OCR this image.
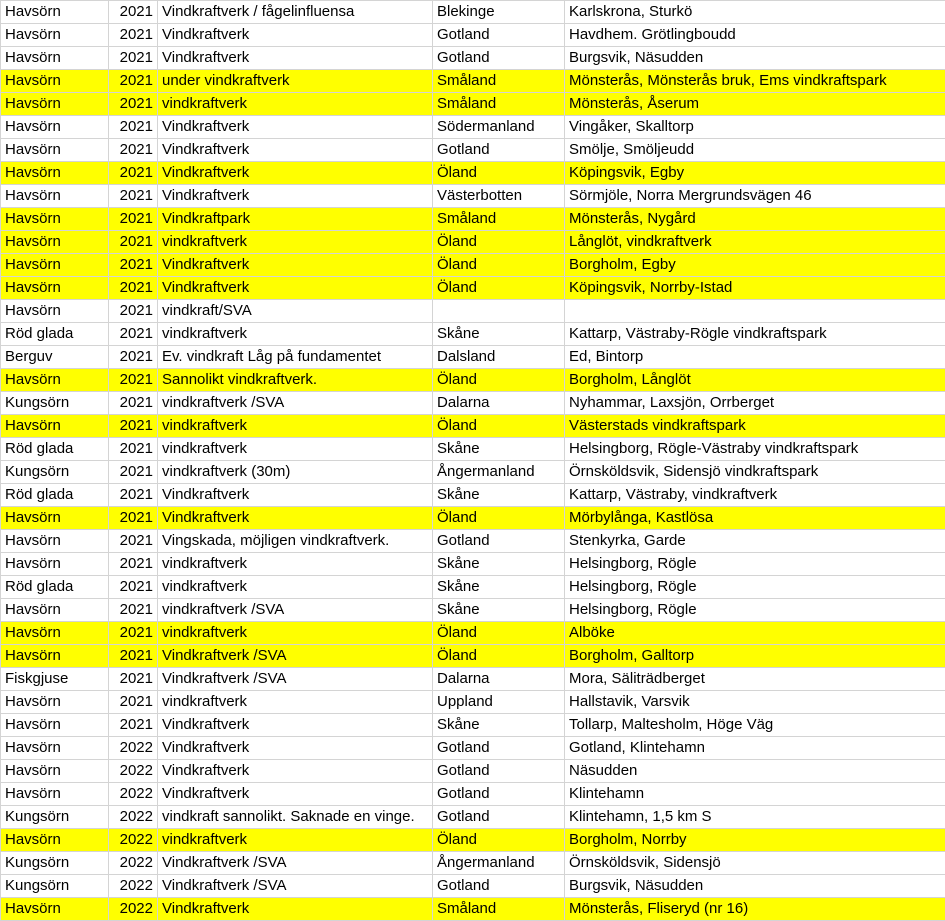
Havsörn	2021	Vindkraftverk / fågelinfluensa	Blekinge	Karlskrona, Sturkö
Havsörn	2021	Vindkraftverk	Gotland	Havdhem. Grötlingboudd
Havsörn	2021	Vindkraftverk	Gotland	Burgsvik, Näsudden
Havsörn	2021	under vindkraftverk	Småland	Mönsterås, Mönsterås bruk, Ems vindkraftspark
Havsörn	2021	vindkraftverk	Småland	Mönsterås, Åserum
Havsörn	2021	Vindkraftverk	Södermanland	Vingåker, Skalltorp
Havsörn	2021	Vindkraftverk	Gotland	Smölje, Smöljeudd
Havsörn	2021	Vindkraftverk	Öland	Köpingsvik, Egby
Havsörn	2021	Vindkraftverk	Västerbotten	Sörmjöle, Norra Mergrundsvägen 46
Havsörn	2021	Vindkraftpark	Småland	Mönsterås, Nygård
Havsörn	2021	vindkraftverk	Öland	Långlöt, vindkraftverk
Havsörn	2021	Vindkraftverk	Öland	Borgholm, Egby
Havsörn	2021	Vindkraftverk	Öland	Köpingsvik, Norrby-Istad
Havsörn	2021	vindkraft/SVA		
Röd glada	2021	vindkraftverk	Skåne	Kattarp, Västraby-Rögle vindkraftspark
Berguv	2021	Ev. vindkraft Låg på fundamentet	Dalsland	Ed, Bintorp
Havsörn	2021	Sannolikt vindkraftverk.	Öland	Borgholm, Långlöt
Kungsörn	2021	vindkraftverk /SVA	Dalarna	Nyhammar, Laxsjön, Orrberget
Havsörn	2021	vindkraftverk	Öland	Västerstads vindkraftspark
Röd glada	2021	vindkraftverk	Skåne	Helsingborg, Rögle-Västraby vindkraftspark
Kungsörn	2021	vindkraftverk (30m)	Ångermanland	Örnsköldsvik, Sidensjö vindkraftspark
Röd glada	2021	Vindkraftverk	Skåne	Kattarp, Västraby, vindkraftverk
Havsörn	2021	Vindkraftverk	Öland	Mörbylånga, Kastlösa
Havsörn	2021	Vingskada, möjligen vindkraftverk.	Gotland	Stenkyrka, Garde
Havsörn	2021	vindkraftverk	Skåne	Helsingborg, Rögle
Röd glada	2021	vindkraftverk	Skåne	Helsingborg, Rögle
Havsörn	2021	vindkraftverk /SVA	Skåne	Helsingborg, Rögle
Havsörn	2021	vindkraftverk	Öland	Alböke
Havsörn	2021	Vindkraftverk /SVA	Öland	Borgholm, Galltorp
Fiskgjuse	2021	Vindkraftverk /SVA	Dalarna	Mora, Säliträdberget
Havsörn	2021	vindkraftverk	Uppland	Hallstavik, Varsvik
Havsörn	2021	Vindkraftverk	Skåne	Tollarp, Maltesholm, Höge Väg
Havsörn	2022	Vindkraftverk	Gotland	Gotland, Klintehamn
Havsörn	2022	Vindkraftverk	Gotland	Näsudden
Havsörn	2022	Vindkraftverk	Gotland	Klintehamn
Kungsörn	2022	vindkraft sannolikt. Saknade en vinge.	Gotland	Klintehamn, 1,5 km S
Havsörn	2022	vindkraftverk	Öland	Borgholm, Norrby
Kungsörn	2022	Vindkraftverk /SVA	Ångermanland	Örnsköldsvik, Sidensjö
Kungsörn	2022	Vindkraftverk /SVA	Gotland	Burgsvik, Näsudden
Havsörn	2022	Vindkraftverk	Småland	Mönsterås, Fliseryd (nr 16)
